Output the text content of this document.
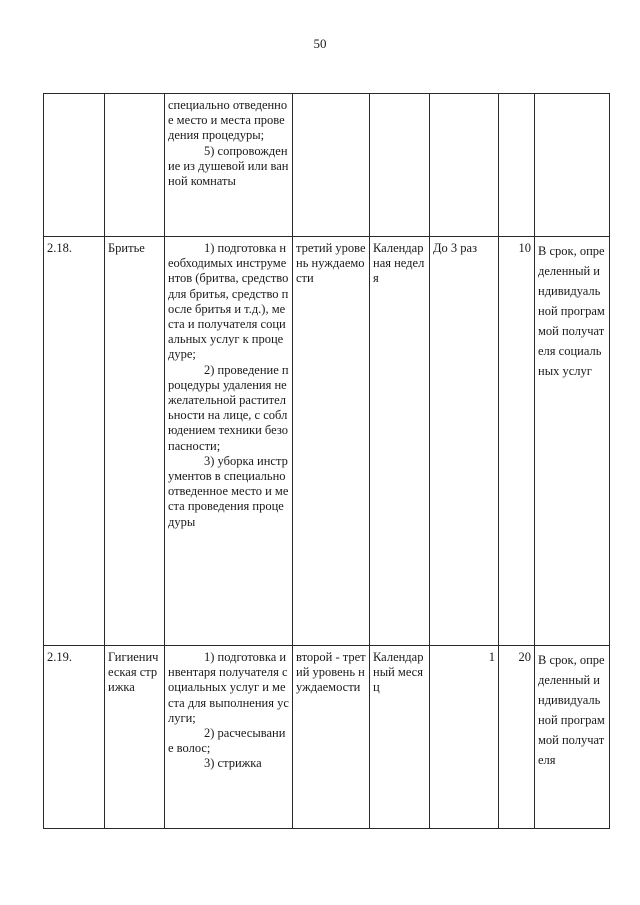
50

		специально отведенное место и места проведения процедуры;
5) сопровождение из душевой или ванной комнаты					

2.18.	Бритье	1) подготовка необходимых инструментов (бритва, средство для бритья, средство после бритья и т.д.), места и получателя социальных услуг к процедуре;
2) проведение процедуры удаления нежелательной растительности на лице, с соблюдением техники безопасности;
3) уборка инструментов в специально отведенное место и места проведения процедуры	третий уровень нуждаемости	Календарная неделя	До 3 раз	10	В срок, определенный индивидуальной программой получателя социальных услуг
2.19.	Гигиеническая стрижка	1) подготовка инвентаря получателя социальных услуг и места для выполнения услуги;
2) расчесывание волос;
3) стрижка	второй - третий уровень нуждаемости	Календарный месяц	1	20	В срок, определенный индивидуальной программой получателя
